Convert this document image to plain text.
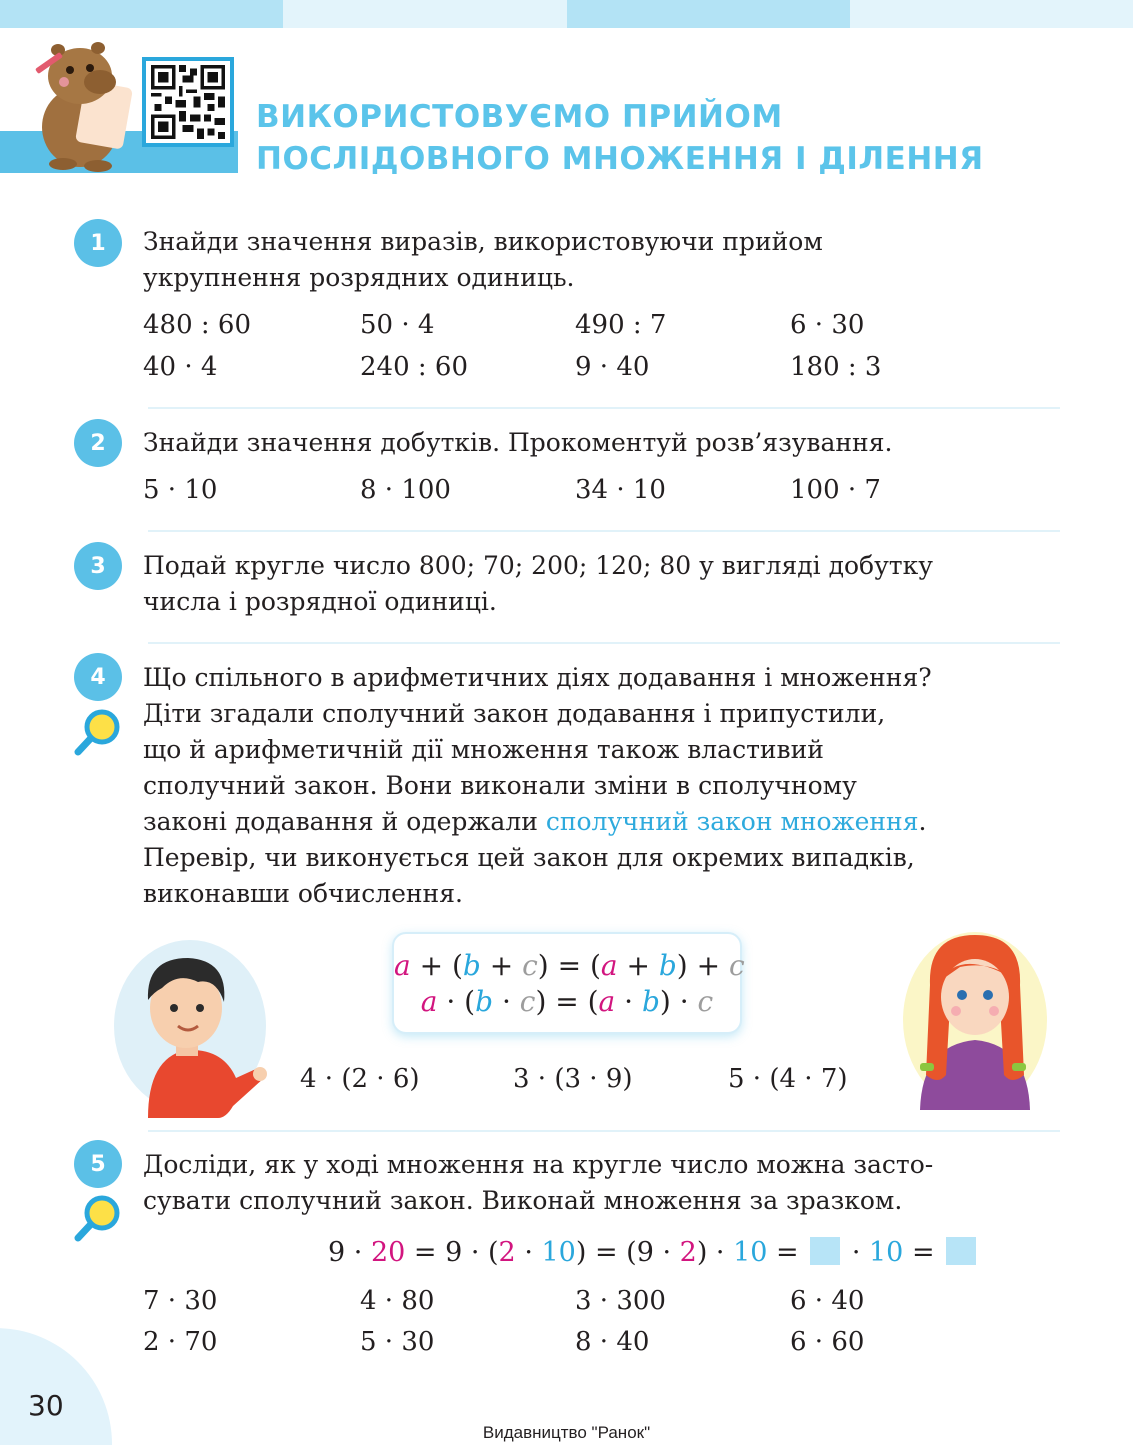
ВИКОРИСТОВУЄМО ПРИЙОМ
ПОСЛІДОВНОГО МНОЖЕННЯ І ДІЛЕННЯ
1	Знайди значення виразів, використовуючи прийом
укрупнення розрядних одиниць.
480 : 60	50 · 4	490 : 7	6 · 30
40 · 4	240 : 60	9 · 40	180 : 3
2	Знайди значення добутків. Прокоментуй розв’язування.
5 · 10	8 · 100	34 · 10	100 · 7
3	Подай кругле число 800; 70; 200; 120; 80 у вигляді добутку
числа і розрядної одиниці.
4	Що спільного в арифметичних діях додавання і множення?
Діти згадали сполучний закон додавання і припустили,
що й арифметичній дії множення також властивий
сполучний закон. Вони виконали зміни в сполучному
законі додавання й одержали сполучний закон множення.
Перевір, чи виконується цей закон для окремих випадків,
виконавши обчислення.
a + (b + c) = (a + b) + c
a · (b · c) = (a · b) · c
4 · (2 · 6)	3 · (3 · 9)	5 · (4 · 7)
5	Досліди, як у ході множення на кругле число можна засто-
сувати сполучний закон. Виконай множення за зразком.
9 · 20 = 9 · (2 · 10) = (9 · 2) · 10 =  · 10 =
7 · 30	4 · 80	3 · 300	6 · 40
2 · 70	5 · 30	8 · 40	6 · 60
30
Видавництво "Ранок"
